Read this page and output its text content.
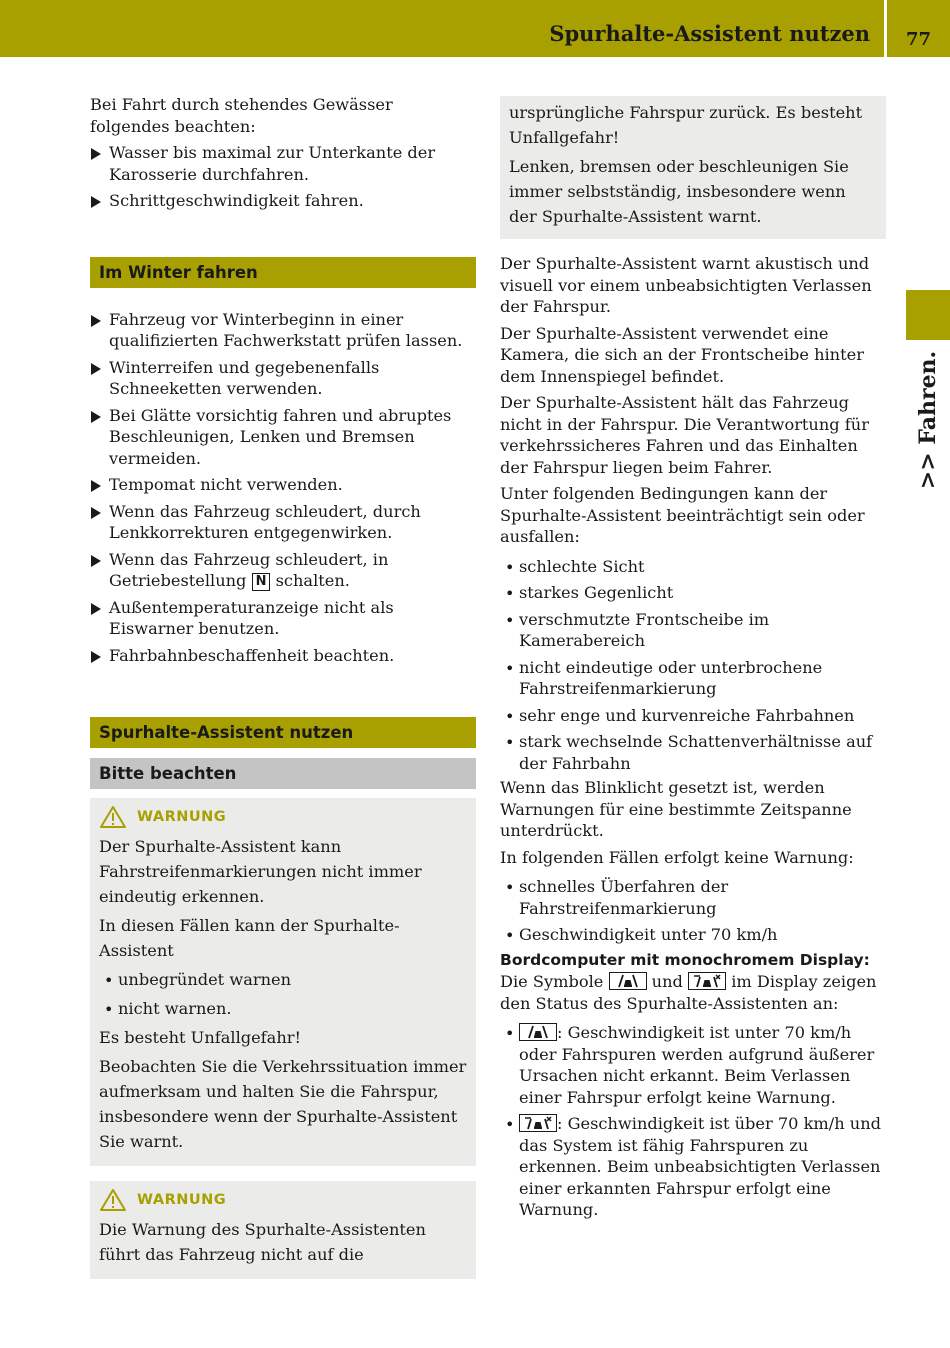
Spurhalte-Assistent nutzen	77
>> Fahren.

Bei Fahrt durch stehendes Gewässer folgendes beachten:

Wasser bis maximal zur Unterkante der Karosserie durchfahren.
Schrittgeschwindigkeit fahren.
Im Winter fahren
Fahrzeug vor Winterbeginn in einer qualifizierten Fachwerkstatt prüfen lassen.
Winterreifen und gegebenenfalls Schneeketten verwenden.
Bei Glätte vorsichtig fahren und abruptes Beschleunigen, Lenken und Bremsen vermeiden.
Tempomat nicht verwenden.
Wenn das Fahrzeug schleudert, durch Lenkkorrekturen entgegenwirken.
Wenn das Fahrzeug schleudert, in Getriebestellung N schalten.
Außentemperaturanzeige nicht als Eiswarner benutzen.
Fahrbahnbeschaffenheit beachten.
Spurhalte-Assistent nutzen
Bitte beachten
WARNUNG

Der Spurhalte-Assistent kann Fahrstreifenmarkierungen nicht immer eindeutig erkennen.

In diesen Fällen kann der Spurhalte-Assistent

• unbegründet warnen
• nicht warnen.

Es besteht Unfallgefahr!

Beobachten Sie die Verkehrssituation immer aufmerksam und halten Sie die Fahrspur, insbesondere wenn der Spurhalte-Assistent Sie warnt.

WARNUNG

Die Warnung des Spurhalte-Assistenten führt das Fahrzeug nicht auf die

ursprüngliche Fahrspur zurück. Es besteht Unfallgefahr!

Lenken, bremsen oder beschleunigen Sie immer selbstständig, insbesondere wenn der Spurhalte-Assistent warnt.

Der Spurhalte-Assistent warnt akustisch und visuell vor einem unbeabsichtigten Verlassen der Fahrspur.

Der Spurhalte-Assistent verwendet eine Kamera, die sich an der Frontscheibe hinter dem Innenspiegel befindet.

Der Spurhalte-Assistent hält das Fahrzeug nicht in der Fahrspur. Die Verantwortung für verkehrssicheres Fahren und das Einhalten der Fahrspur liegen beim Fahrer.

Unter folgenden Bedingungen kann der Spurhalte-Assistent beeinträchtigt sein oder ausfallen:

• schlechte Sicht
• starkes Gegenlicht
• verschmutzte Frontscheibe im Kamerabereich
• nicht eindeutige oder unterbrochene Fahrstreifenmarkierung
• sehr enge und kurvenreiche Fahrbahnen
• stark wechselnde Schattenverhältnisse auf der Fahrbahn

Wenn das Blinklicht gesetzt ist, werden Warnungen für eine bestimmte Zeitspanne unterdrückt.

In folgenden Fällen erfolgt keine Warnung:

• schnelles Überfahren der Fahrstreifenmarkierung
• Geschwindigkeit unter 70 km/h

Bordcomputer mit monochromem Display:

Die Symbole	und	im Display zeigen den Status des Spurhalte-Assistenten an:

•	: Geschwindigkeit ist unter 70 km/h oder Fahrspuren werden aufgrund äußerer Ursachen nicht erkannt. Beim Verlassen einer Fahrspur erfolgt keine Warnung.
•	: Geschwindigkeit ist über 70 km/h und das System ist fähig Fahrspuren zu erkennen. Beim unbeabsichtigten Verlassen einer erkannten Fahrspur erfolgt eine Warnung.
